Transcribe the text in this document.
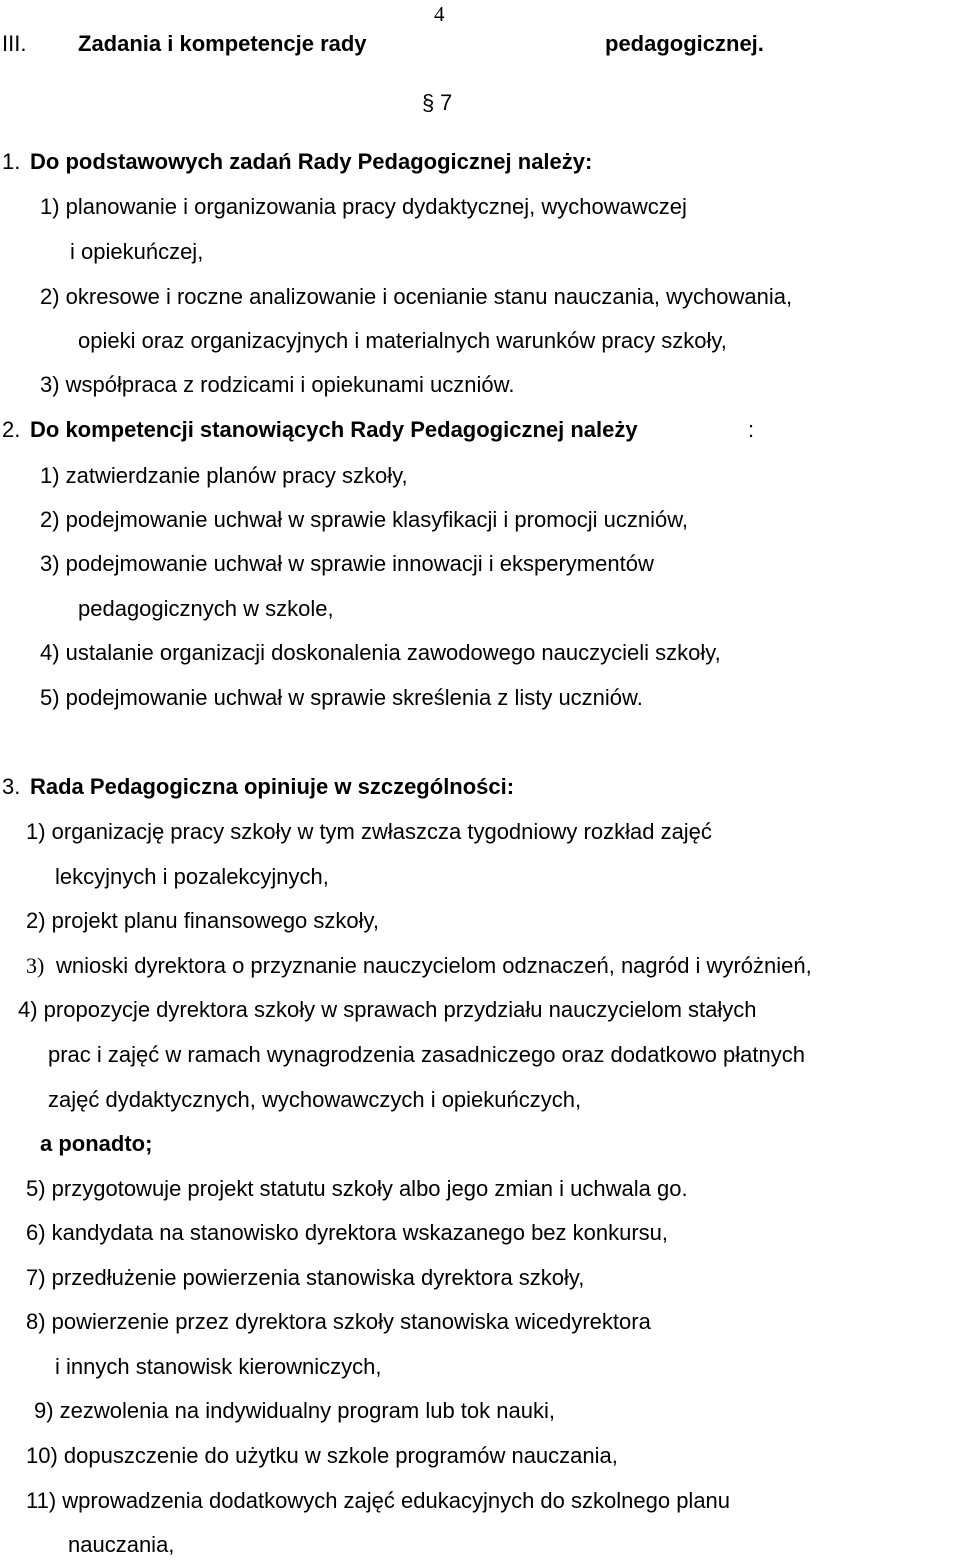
4
III. Zadania i kompetencje rady	pedagogicznej.
§ 7
1. Do podstawowych zadań Rady Pedagogicznej należy:
1) planowanie i organizowania pracy dydaktycznej, wychowawczej
i opiekuńczej,
2) okresowe i roczne analizowanie i ocenianie stanu nauczania, wychowania,
opieki oraz organizacyjnych i materialnych warunków pracy szkoły,
3) współpraca z rodzicami i opiekunami uczniów.
2. Do kompetencji stanowiących Rady Pedagogicznej należy	:
1) zatwierdzanie planów pracy szkoły,
2) podejmowanie uchwał w sprawie klasyfikacji i promocji uczniów,
3) podejmowanie uchwał w sprawie innowacji i eksperymentów
pedagogicznych w szkole,
4) ustalanie organizacji doskonalenia zawodowego nauczycieli szkoły,
5) podejmowanie uchwał w sprawie skreślenia z listy uczniów.
3. Rada Pedagogiczna opiniuje w szczególności:
1) organizację pracy szkoły w tym zwłaszcza tygodniowy rozkład zajęć
lekcyjnych i pozalekcyjnych,
2) projekt planu finansowego szkoły,
3) wnioski dyrektora o przyznanie nauczycielom odznaczeń, nagród i wyróżnień,
4) propozycje dyrektora szkoły w sprawach przydziału nauczycielom stałych
prac i zajęć w ramach wynagrodzenia zasadniczego oraz dodatkowo płatnych
zajęć dydaktycznych, wychowawczych i opiekuńczych,
a ponadto;
5) przygotowuje projekt statutu szkoły albo jego zmian i uchwala go.
6) kandydata na stanowisko dyrektora wskazanego bez konkursu,
7) przedłużenie powierzenia stanowiska dyrektora szkoły,
8) powierzenie przez dyrektora szkoły stanowiska wicedyrektora
i innych stanowisk kierowniczych,
9) zezwolenia na indywidualny program lub tok nauki,
10) dopuszczenie do użytku w szkole programów nauczania,
11) wprowadzenia dodatkowych zajęć edukacyjnych do szkolnego planu
nauczania,
